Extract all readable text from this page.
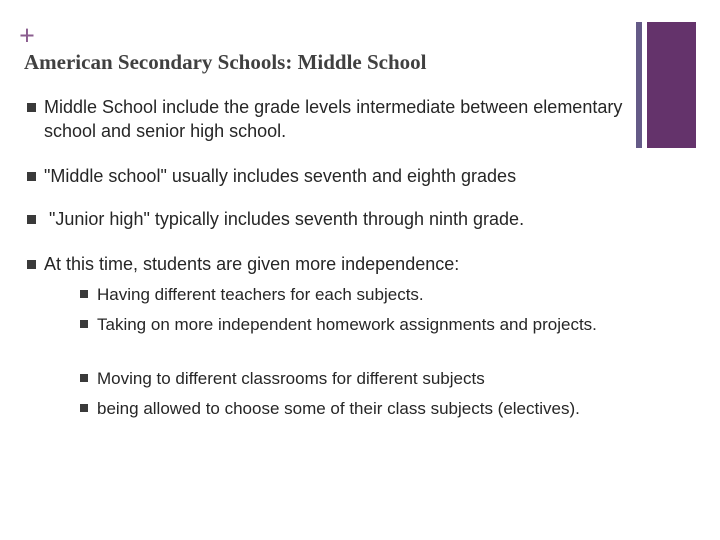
+
American Secondary Schools: Middle School
Middle School include the grade levels intermediate between elementary school and senior high school.
"Middle school" usually includes seventh and eighth grades
"Junior high" typically includes seventh through ninth grade.
At this time, students are given more independence:
Having different teachers for each subjects.
Taking on more independent homework assignments and projects.
Moving to different classrooms for different subjects
being allowed to choose some of their class subjects (electives).
